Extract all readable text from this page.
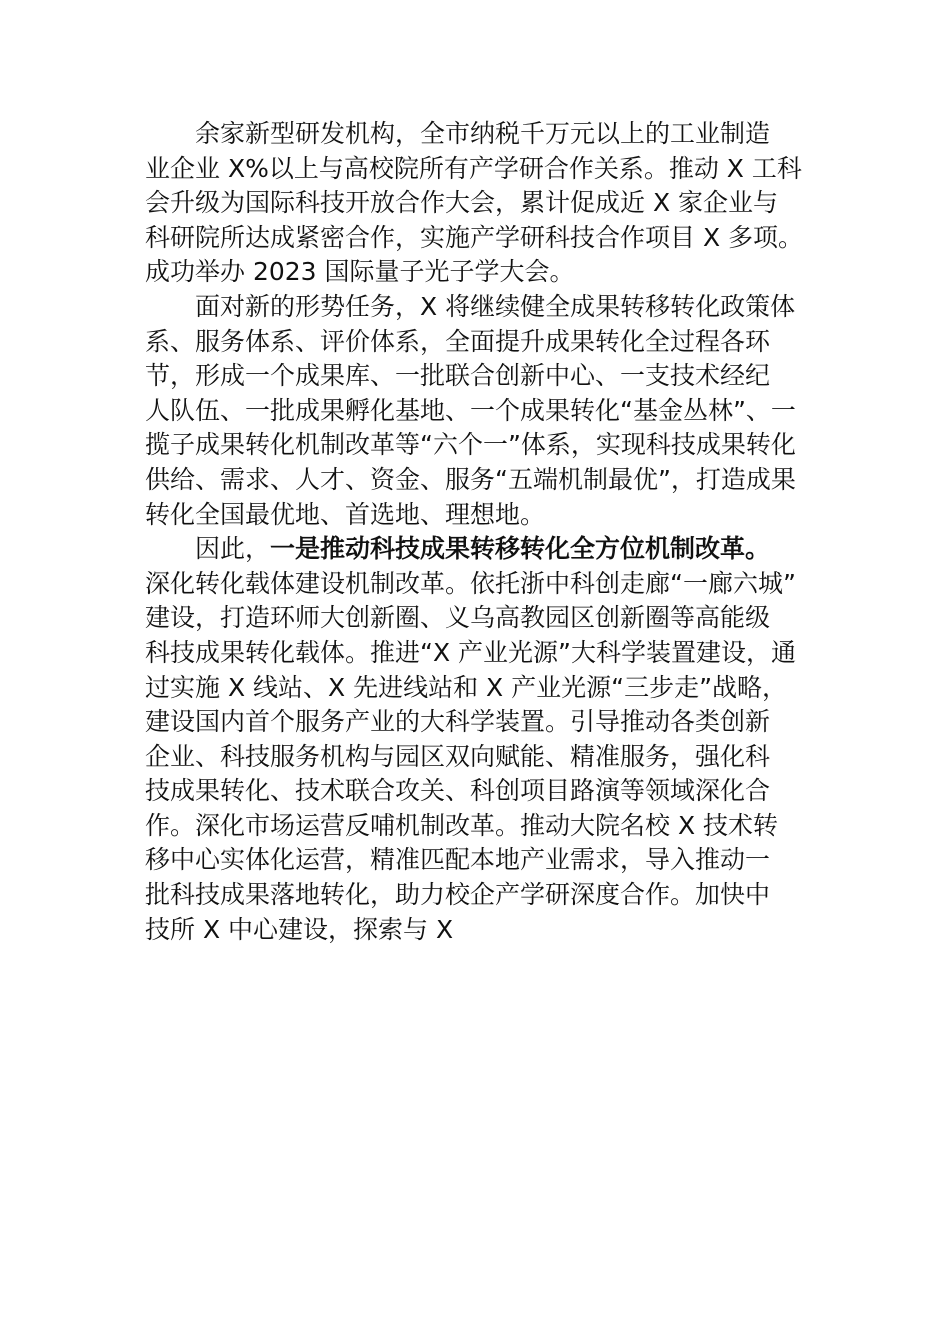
余家新型研发机构，全市纳税千万元以上的工业制造
业企业 X%以上与高校院所有产学研合作关系。推动 X 工科
会升级为国际科技开放合作大会，累计促成近 X 家企业与
科研院所达成紧密合作，实施产学研科技合作项目 X 多项。
成功举办 2023 国际量子光子学大会。
面对新的形势任务，X 将继续健全成果转移转化政策体
系、服务体系、评价体系，全面提升成果转化全过程各环
节，形成一个成果库、一批联合创新中心、一支技术经纪
人队伍、一批成果孵化基地、一个成果转化“基金丛林”、一
揽子成果转化机制改革等“六个一”体系，实现科技成果转化
供给、需求、人才、资金、服务“五端机制最优”，打造成果
转化全国最优地、首选地、理想地。
因此，一是推动科技成果转移转化全方位机制改革。
深化转化载体建设机制改革。依托浙中科创走廊“一廊六城”
建设，打造环师大创新圈、义乌高教园区创新圈等高能级
科技成果转化载体。推进“X 产业光源”大科学装置建设，通
过实施 X 线站、X 先进线站和 X 产业光源“三步走”战略，
建设国内首个服务产业的大科学装置。引导推动各类创新
企业、科技服务机构与园区双向赋能、精准服务，强化科
技成果转化、技术联合攻关、科创项目路演等领域深化合
作。深化市场运营反哺机制改革。推动大院名校 X 技术转
移中心实体化运营，精准匹配本地产业需求，导入推动一
批科技成果落地转化，助力校企产学研深度合作。加快中
技所 X 中心建设，探索与 X
